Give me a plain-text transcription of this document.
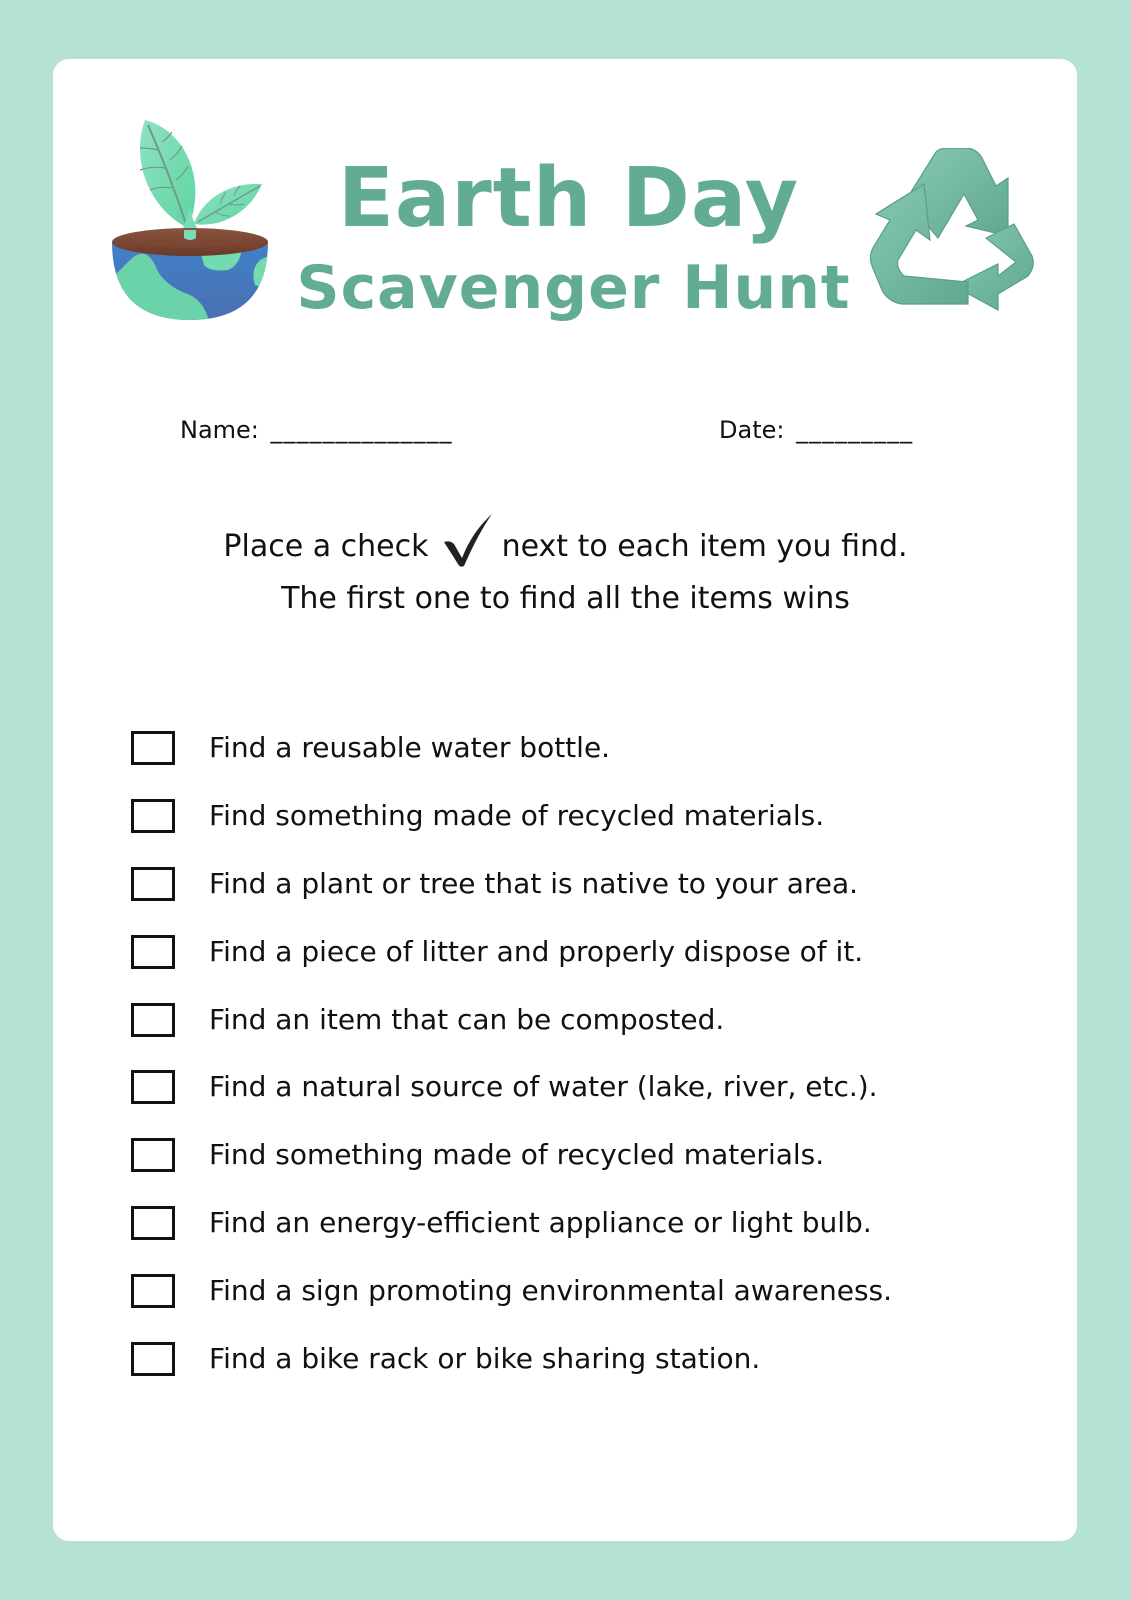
Earth Day
Scavenger Hunt
Name: ______________	Date: _________
Place a check next to each item you find.
The first one to find all the items wins
Find a reusable water bottle.
Find something made of recycled materials.
Find a plant or tree that is native to your area.
Find a piece of litter and properly dispose of it.
Find an item that can be composted.
Find a natural source of water (lake, river, etc.).
Find something made of recycled materials.
Find an energy-efficient appliance or light bulb.
Find a sign promoting environmental awareness.
Find a bike rack or bike sharing station.
